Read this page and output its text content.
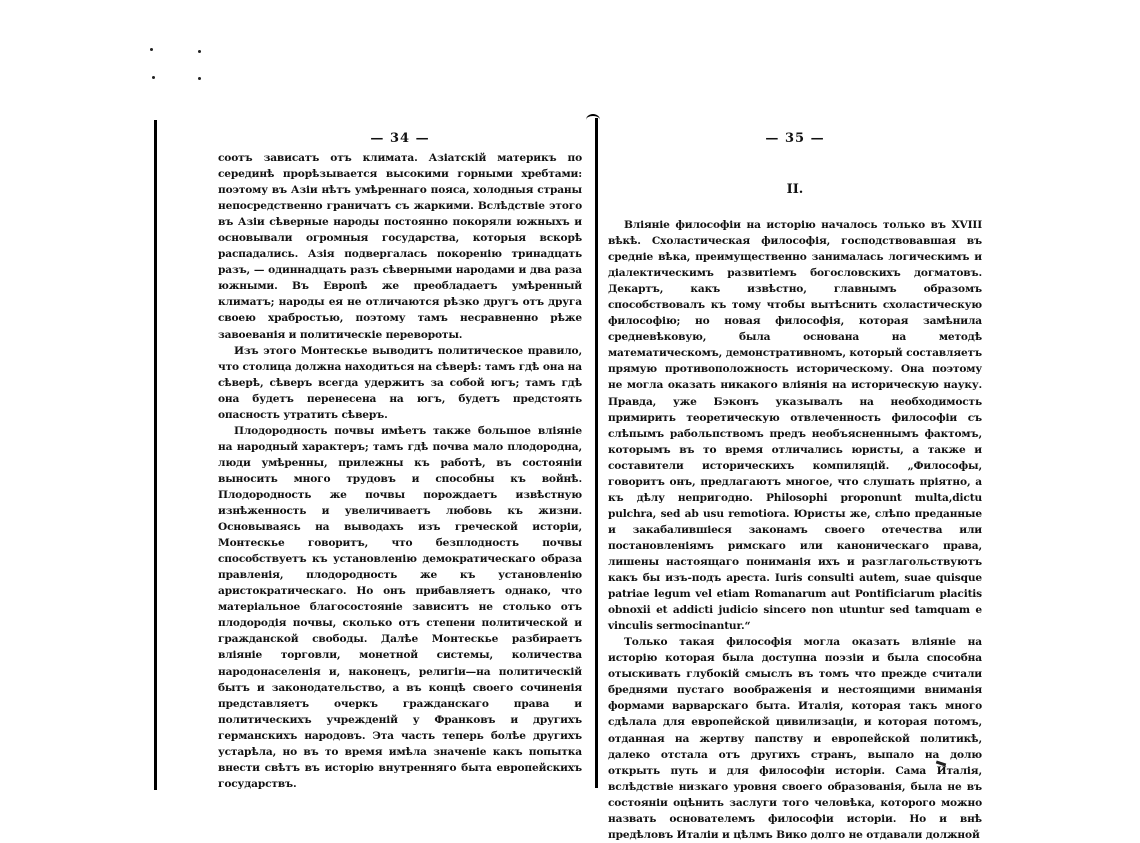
— 34 —

соотъ зависатъ отъ климата. Азіатскій материкъ по серединѣ прорѣзывается высокими горными хребтами: поэтому въ Азіи нѣтъ умѣреннаго пояса, холодныя страны непосредственно граничатъ съ жаркими. Вслѣдствіе этого въ Азіи сѣверные народы постоянно покоряли южныхъ и основывали огромныя государства, которыя вскорѣ распадались. Азія подвергалась покоренію тринадцать разъ, — одиннадцать разъ сѣверными народами и два раза южными. Въ Европѣ же преобладаетъ умѣренный климатъ; народы ея не отличаются рѣзко другъ отъ друга своею храбростью, поэтому тамъ несравненно рѣже завоеванія и политическіе перевороты.

Изъ этого Монтескье выводитъ политическое правило, что столица должна находиться на сѣверѣ: тамъ гдѣ она на сѣверѣ, сѣверъ всегда удержитъ за собой югъ; тамъ гдѣ она будетъ перенесена на югъ, будетъ предстоять опасность утратить сѣверъ.

Плодородность почвы имѣетъ также большое вліяніе на народный характеръ; тамъ гдѣ почва мало плодородна, люди умѣренны, прилежны къ работѣ, въ состояніи выносить много трудовъ и способны къ войнѣ. Плодородность же почвы порождаетъ извѣстную изнѣженность и увеличиваетъ любовь къ жизни. Основываясь на выводахъ изъ греческой исторіи, Монтескье говоритъ, что безплодность почвы способствуетъ къ установленію демократическаго образа правленія, плодородность же къ установленію аристократическаго. Но онъ прибавляетъ однако, что матеріальное благосостояніе зависитъ не столько отъ плодородія почвы, сколько отъ степени политической и гражданской свободы. Далѣе Монтескье разбираетъ вліяніе торговли, монетной системы, количества народонаселенія и, наконецъ, религіи—на политическій бытъ и законодательство, а въ концѣ своего сочиненія представляетъ очеркъ гражданскаго права и политическихъ учрежденій у Франковъ и другихъ германскихъ народовъ. Эта часть теперь болѣе другихъ устарѣла, но въ то время имѣла значеніе какъ попытка внести свѣтъ въ исторію внутренняго быта европейскихъ государствъ.

— 35 —
II.

Вліяніе философіи на исторію началось только въ XVIII вѣкѣ. Схоластическая философія, господствовавшая въ средніе вѣка, преимущественно занималась логическимъ и діалектическимъ развитіемъ богословскихъ догматовъ. Декартъ, какъ извѣстно, главнымъ образомъ способствовалъ къ тому чтобы вытѣснить схоластическую философію; но новая философія, которая замѣнила средневѣковую, была основана на методѣ математическомъ, демонстративномъ, который составляетъ прямую противоположность историческому. Она поэтому не могла оказать никакого вліянія на историческую науку. Правда, уже Бэконъ указывалъ на необходимость примирить теоретическую отвлеченность философіи съ слѣпымъ рабольпствомъ предъ необъясненнымъ фактомъ, которымъ въ то время отличались юристы, а также и составители историческихъ компиляцій. „Философы, говоритъ онъ, предлагаютъ многое, что слушать пріятно, а къ дѣлу непригодно. Philosophi proponunt multa,dictu pulchra, sed ab usu remotiora. Юристы же, слѣпо преданные и закабалившіеся законамъ своего отечества или постановленіямъ римскаго или каноническаго права, лишены настоящаго пониманія ихъ и разглагольствуютъ какъ бы изъ-подъ ареста. Iuris consulti autem, suae quisque patriae legum vel etiam Romanarum aut Pontificiarum placitis obnoxii et addicti judicio sincero non utuntur sed tamquam e vinculis sermocinantur.“

Только такая философія могла оказать вліяніе на исторію которая была доступна поэзіи и была способна отыскивать глубокій смыслъ въ томъ что прежде считали бреднями пустаго воображенія и нестоящими вниманія формами варварскаго быта. Италія, которая такъ много сдѣлала для европейской цивилизаціи, и которая потомъ, отданная на жертву папству и европейской политикѣ, далеко отстала отъ другихъ странъ, выпало на долю открыть путь и для философіи исторіи. Сама Италія, вслѣдствіе низкаго уровня своего образованія, была не въ состояніи оцѣнить заслуги того человѣка, которого можно назвать основателемъ философіи исторіи. Но и внѣ предѣловъ Италіи и цѣлмъ Вико долго не отдавали должной
